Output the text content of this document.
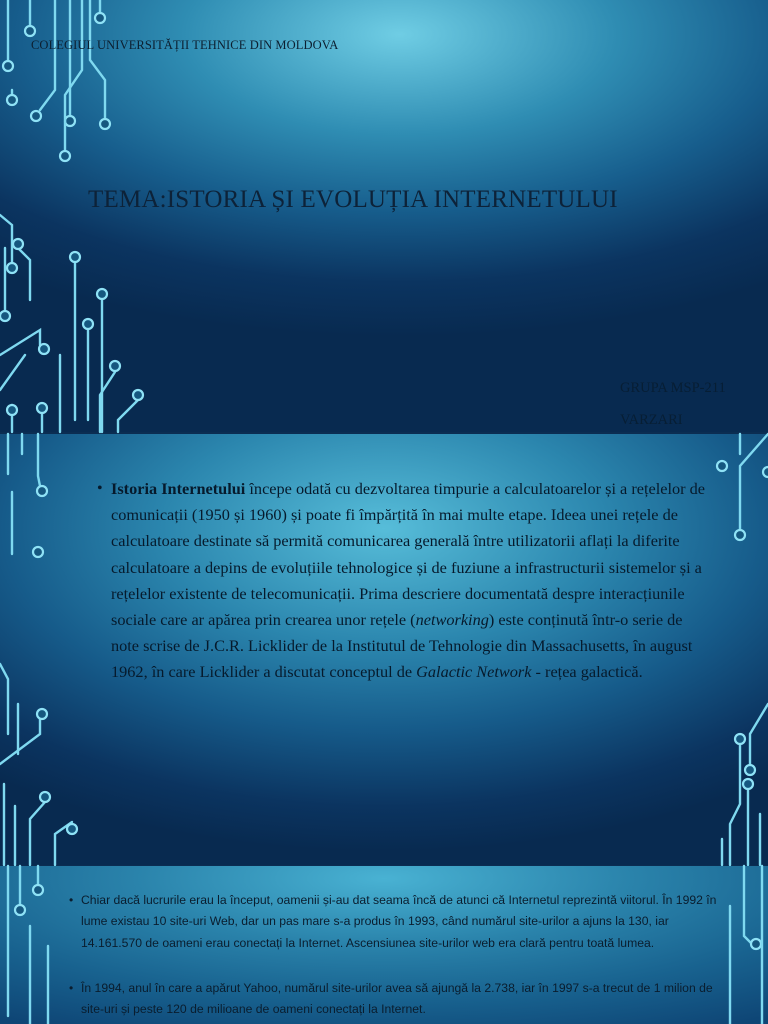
COLEGIUL UNIVERSITĂȚII TEHNICE DIN MOLDOVA
TEMA:ISTORIA ȘI EVOLUȚIA INTERNETULUI
GRUPA MSP-211
VARZARI
• Istoria Internetului începe odată cu dezvoltarea timpurie a calculatoarelor și a rețelelor de comunicații (1950 și 1960) și poate fi împărțită în mai multe etape. Ideea unei rețele de calculatoare destinate să permită comunicarea generală între utilizatorii aflați la diferite calculatoare a depins de evoluțiile tehnologice și de fuziune a infrastructurii sistemelor și a rețelelor existente de telecomunicații. Prima descriere documentată despre interacțiunile sociale care ar apărea prin crearea unor rețele (networking) este conținută într-o serie de note scrise de J.C.R. Licklider de la Institutul de Tehnologie din Massachusetts, în august 1962, în care Licklider a discutat conceptul de Galactic Network - rețea galactică.
• Chiar dacă lucrurile erau la început, oamenii și-au dat seama încă de atunci că Internetul reprezintă viitorul. În 1992 în lume existau 10 site-uri Web, dar un pas mare s-a produs în 1993, când numărul site-urilor a ajuns la 130, iar 14.161.570 de oameni erau conectați la Internet. Ascensiunea site-urilor web era clară pentru toată lumea.
• În 1994, anul în care a apărut Yahoo, numărul site-urilor avea să ajungă la 2.738, iar în 1997 s-a trecut de 1 milion de site-uri și peste 120 de milioane de oameni conectați la Internet.
